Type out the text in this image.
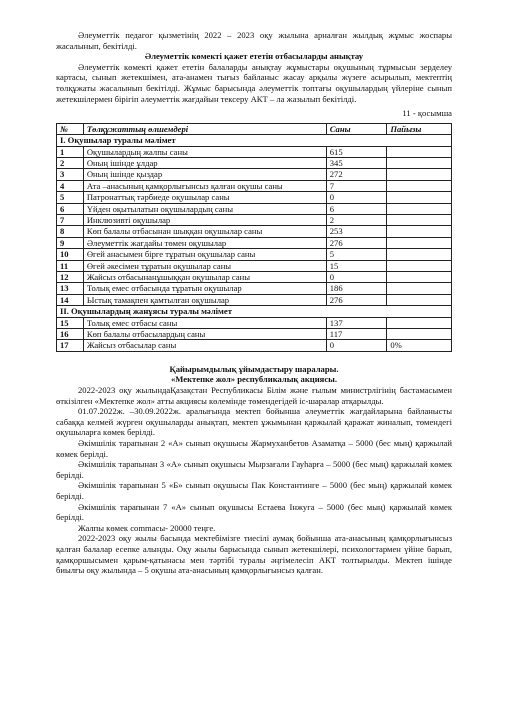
Әлеуметтік педагог қызметінің 2022 – 2023 оқу жылына арналған жылдық жұмыс жоспары жасалынып, бекітілді.

Әлеуметтік көмекті қажет ететін отбасыларды анықтау

Әлеуметтік көмекті қажет ететін балаларды анықтау жұмыстары оқушының тұрмысын зерделеу картасы, сынып жетекшімен, ата-анамен тығыз байланыс жасау арқылы жүзеге асырылып, мектептің төлқұжаты жасалынып бекітілді. Жұмыс барысында әлеуметтік топтағы оқушылардың үйлеріне сынып жетекшілермен бірігіп әлеуметтік жағдайын тексеру АКТ – ла жазылып бекітілді.

11 - қосымша

№	Төлқұжаттың өлшемдері	Саны	Пайызы
І. Оқушылар туралы мәлімет			
1	Оқушылардың жалпы саны	615	
2	Оның ішінде ұлдар	345	
3	Оның ішінде қыздар	272	
4	Ата –анасының қамқорлығынсыз қалған оқушы саны	7	
5	Патронаттық тәрбиеде оқушылар саны	0	
6	Үйден оқытылатын оқушылардың саны	6	
7	Инклюзивті оқушылар	2	
8	Көп балалы отбасынан шыққан оқушылар саны	253	
9	Әлеуметтік жағдайы төмен оқушылар	276	
10	Өгей анасымен бірге тұратын оқушылар саны	5	
11	Өгей әкесімен тұратын оқушылар саны	15	
12	Жайсыз отбасынанұшыққан оқушылар саны	0	
13	Толық емес отбасында тұратын оқушылар	186	
14	Ыстық тамақпен қамтылған оқушылар	276	
ІІ. Оқушылардың жанұясы туралы мәлімет			
15	Толық емес отбасы саны	137	
16	Көп балалы отбасылардың саны	117	
17	Жайсыз отбасылар саны	0	0%

Қайырымдылық ұйымдастыру шаралары.

«Мектепке жол» республикалық акциясы.

2022-2023 оқу жылындаҚазақстан Республикасы Білім және ғылым министрлігінің бастамасымен өткізілген «Мектепке жол» атты акциясы көлемінде төмендегідей іс-шаралар атқарылды.

01.07.2022ж. –30.09.2022ж. аралығында мектеп бойынша әлеуметтік жағдайларына байланысты сабаққа келмей жүрген оқушыларды анықтап, мектеп ұжымынан қаржылай қаражат жиналып, төмендегі оқушыларға көмек берілді.

Әкімшілік тарапынан 2 «А» сынып оқушысы Жармуханбетов Азаматқа – 5000 (бес мың) қаржылай көмек берілді.

Әкімшілік тарапынан 3 «А» сынып оқушысы Мырзағали Гауһарға – 5000 (бес мың) қаржылай көмек берілді.

Әкімшілік тарапынан 5 «Б» сынып оқушысы Пак Константинге – 5000 (бес мың) қаржылай көмек берілді.

Әкімшілік тарапынан 7 «А» сынып оқушысы Естаева Інжуга – 5000 (бес мың) қаржылай көмек берілді.

Жалпы көмек сommaсы- 20000 теңге.

2022-2023 оқу жылы басында мектебімізге тиесілі аумақ бойынша ата-анасының қамқорлығынсыз қалған балалар есепке алынды. Оқу жылы барысында сынып жетекшілері, психологтармен үйіне барып, қамқоршысымен қарым-қатынасы мен тәртібі туралы әңгімелесіп АКТ толтырылды. Мектеп ішінде биылғы оқу жылында – 5 оқушы ата-анасының қамқорлығынсыз қалған.
